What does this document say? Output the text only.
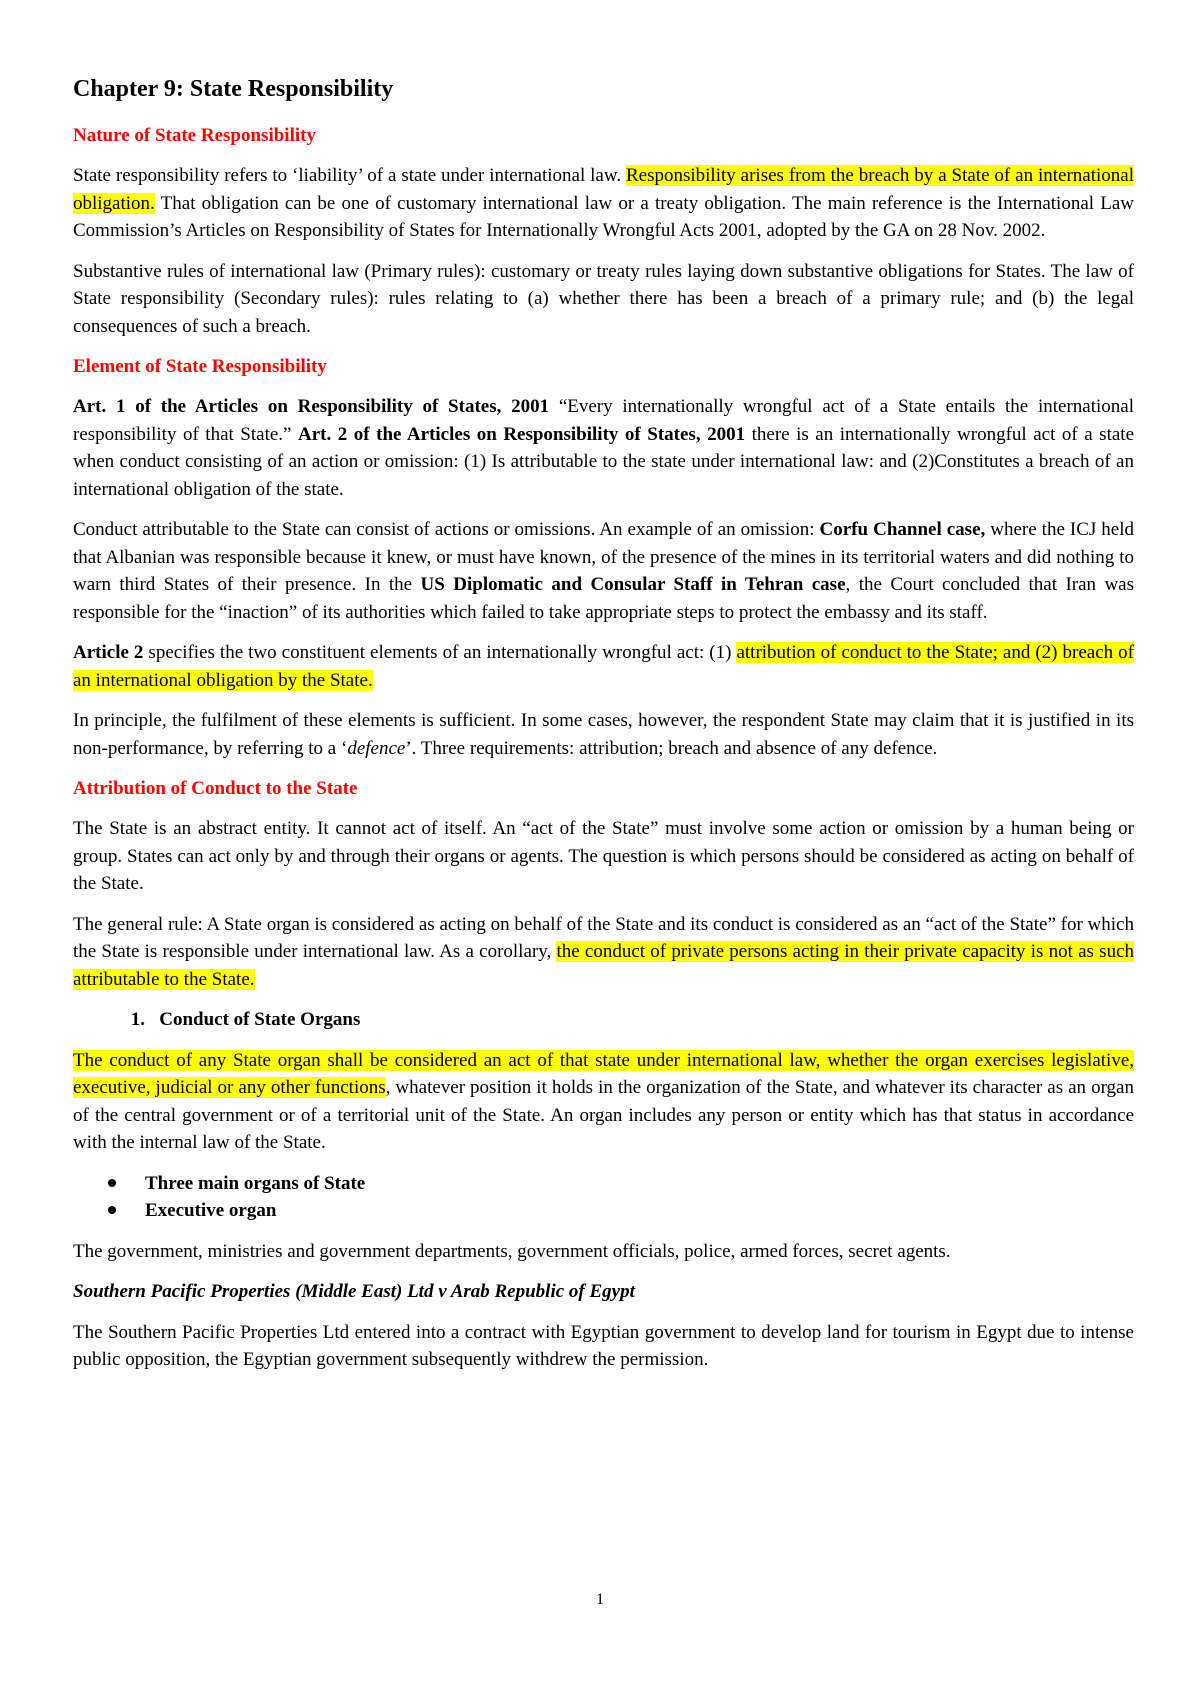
Chapter 9: State Responsibility
Nature of State Responsibility

State responsibility refers to ‘liability’ of a state under international law. Responsibility arises from the breach by a State of an international obligation. That obligation can be one of customary international law or a treaty obligation. The main reference is the International Law Commission’s Articles on Responsibility of States for Internationally Wrongful Acts 2001, adopted by the GA on 28 Nov. 2002.

Substantive rules of international law (Primary rules): customary or treaty rules laying down substantive obligations for States. The law of State responsibility (Secondary rules): rules relating to (a) whether there has been a breach of a primary rule; and (b) the legal consequences of such a breach.

Element of State Responsibility

Art. 1 of the Articles on Responsibility of States, 2001 “Every internationally wrongful act of a State entails the international responsibility of that State.” Art. 2 of the Articles on Responsibility of States, 2001 there is an internationally wrongful act of a state when conduct consisting of an action or omission: (1) Is attributable to the state under international law: and (2)Constitutes a breach of an international obligation of the state.

Conduct attributable to the State can consist of actions or omissions. An example of an omission: Corfu Channel case, where the ICJ held that Albanian was responsible because it knew, or must have known, of the presence of the mines in its territorial waters and did nothing to warn third States of their presence. In the US Diplomatic and Consular Staff in Tehran case, the Court concluded that Iran was responsible for the “inaction” of its authorities which failed to take appropriate steps to protect the embassy and its staff.

Article 2 specifies the two constituent elements of an internationally wrongful act: (1) attribution of conduct to the State; and (2) breach of an international obligation by the State.

In principle, the fulfilment of these elements is sufficient. In some cases, however, the respondent State may claim that it is justified in its non-performance, by referring to a ‘defence’. Three requirements: attribution; breach and absence of any defence.

Attribution of Conduct to the State

The State is an abstract entity. It cannot act of itself. An “act of the State” must involve some action or omission by a human being or group. States can act only by and through their organs or agents. The question is which persons should be considered as acting on behalf of the State.

The general rule: A State organ is considered as acting on behalf of the State and its conduct is considered as an “act of the State” for which the State is responsible under international law. As a corollary, the conduct of private persons acting in their private capacity is not as such attributable to the State.

1. Conduct of State Organs

The conduct of any State organ shall be considered an act of that state under international law, whether the organ exercises legislative, executive, judicial or any other functions, whatever position it holds in the organization of the State, and whatever its character as an organ of the central government or of a territorial unit of the State. An organ includes any person or entity which has that status in accordance with the internal law of the State.

Three main organs of State
Executive organ

The government, ministries and government departments, government officials, police, armed forces, secret agents.

Southern Pacific Properties (Middle East) Ltd v Arab Republic of Egypt

The Southern Pacific Properties Ltd entered into a contract with Egyptian government to develop land for tourism in Egypt due to intense public opposition, the Egyptian government subsequently withdrew the permission.

1
